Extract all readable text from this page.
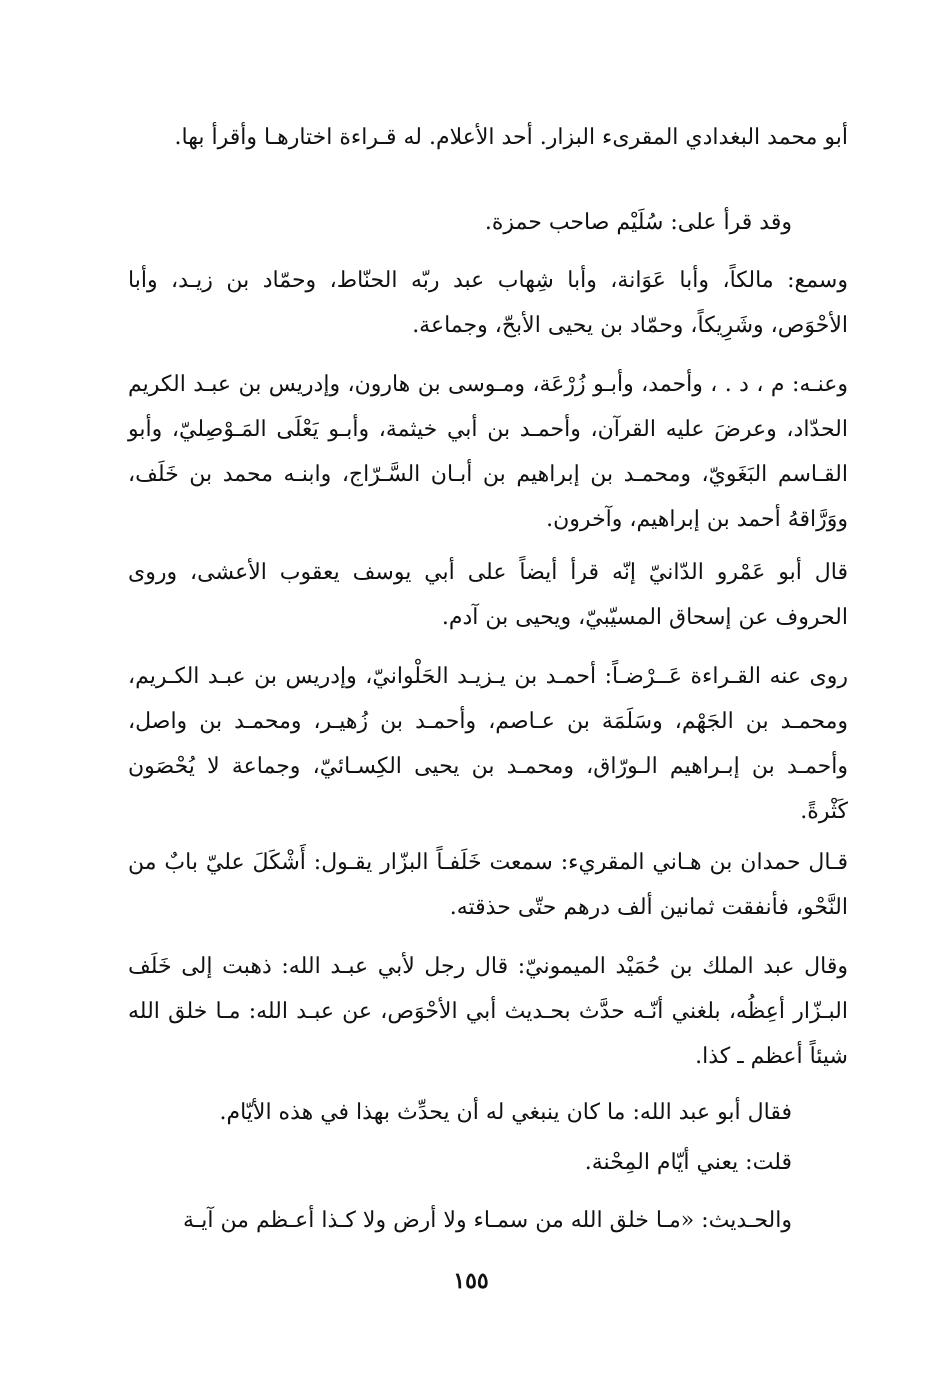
أبو محمد البغدادي المقرىء البزار. أحد الأعلام. له قـراءة اختارهـا وأقرأ بها.

وقد قرأ على: سُلَيْم صاحب حمزة.

وسمع: مالكاً، وأبا عَوَانة، وأبا شِهاب عبد ربّه الحنّاط، وحمّاد بن زيـد، وأبا الأحْوَص، وشَرِيكاً، وحمّاد بن يحيى الأبحّ، وجماعة.

وعنـه: م ، د . ، وأحمد، وأبـو زُرْعَة، ومـوسى بن هارون، وإدريس بن عبـد الكريم الحدّاد، وعرضَ عليه القرآن، وأحمـد بن أبي خيثمة، وأبـو يَعْلَى المَـوْصِليّ، وأبو القـاسم البَغَويّ، ومحمـد بن إبراهيم بن أبـان السَّـرّاج، وابنـه محمد بن خَلَف، ووَرَّاقهُ أحمد بن إبراهيم، وآخرون.

قال أبو عَمْرو الدّانيّ إنّه قرأ أيضاً على أبي يوسف يعقوب الأعشى، وروى الحروف عن إسحاق المسيّبيّ، ويحيى بن آدم.

روى عنه القـراءة عَــرْضـاً: أحمـد بن يـزيـد الحَلْوانيّ، وإدريس بن عبـد الكـريم، ومحمـد بن الجَهْم، وسَلَمَة بن عـاصم، وأحمـد بن زُهيـر، ومحمـد بن واصل، وأحمـد بن إبـراهيم الـورّاق، ومحمـد بن يحيى الكِسـائيّ، وجماعة لا يُحْصَون كَثْرةً.

قـال حمدان بن هـاني المقريء: سمعت خَلَفـاً البزّار يقـول: أَشْكَلَ عليّ بابٌ من النَّحْو، فأنفقت ثمانين ألف درهم حتّى حذقته.

وقال عبد الملك بن حُمَيْد الميمونيّ: قال رجل لأبي عبـد الله: ذهبت إلى خَلَف البـزّار أعِظُه، بلغني أنّـه حدَّث بحـديث أبي الأحْوَص، عن عبـد الله: مـا خلق الله شيئاً أعظم ـ كذا.

فقال أبو عبد الله: ما كان ينبغي له أن يحدِّث بهذا في هذه الأيّام.

قلت: يعني أيّام المِحْنة.

والحـديث: «مـا خلق الله من سمـاء ولا أرض ولا كـذا أعـظم من آيـة

١٥٥
